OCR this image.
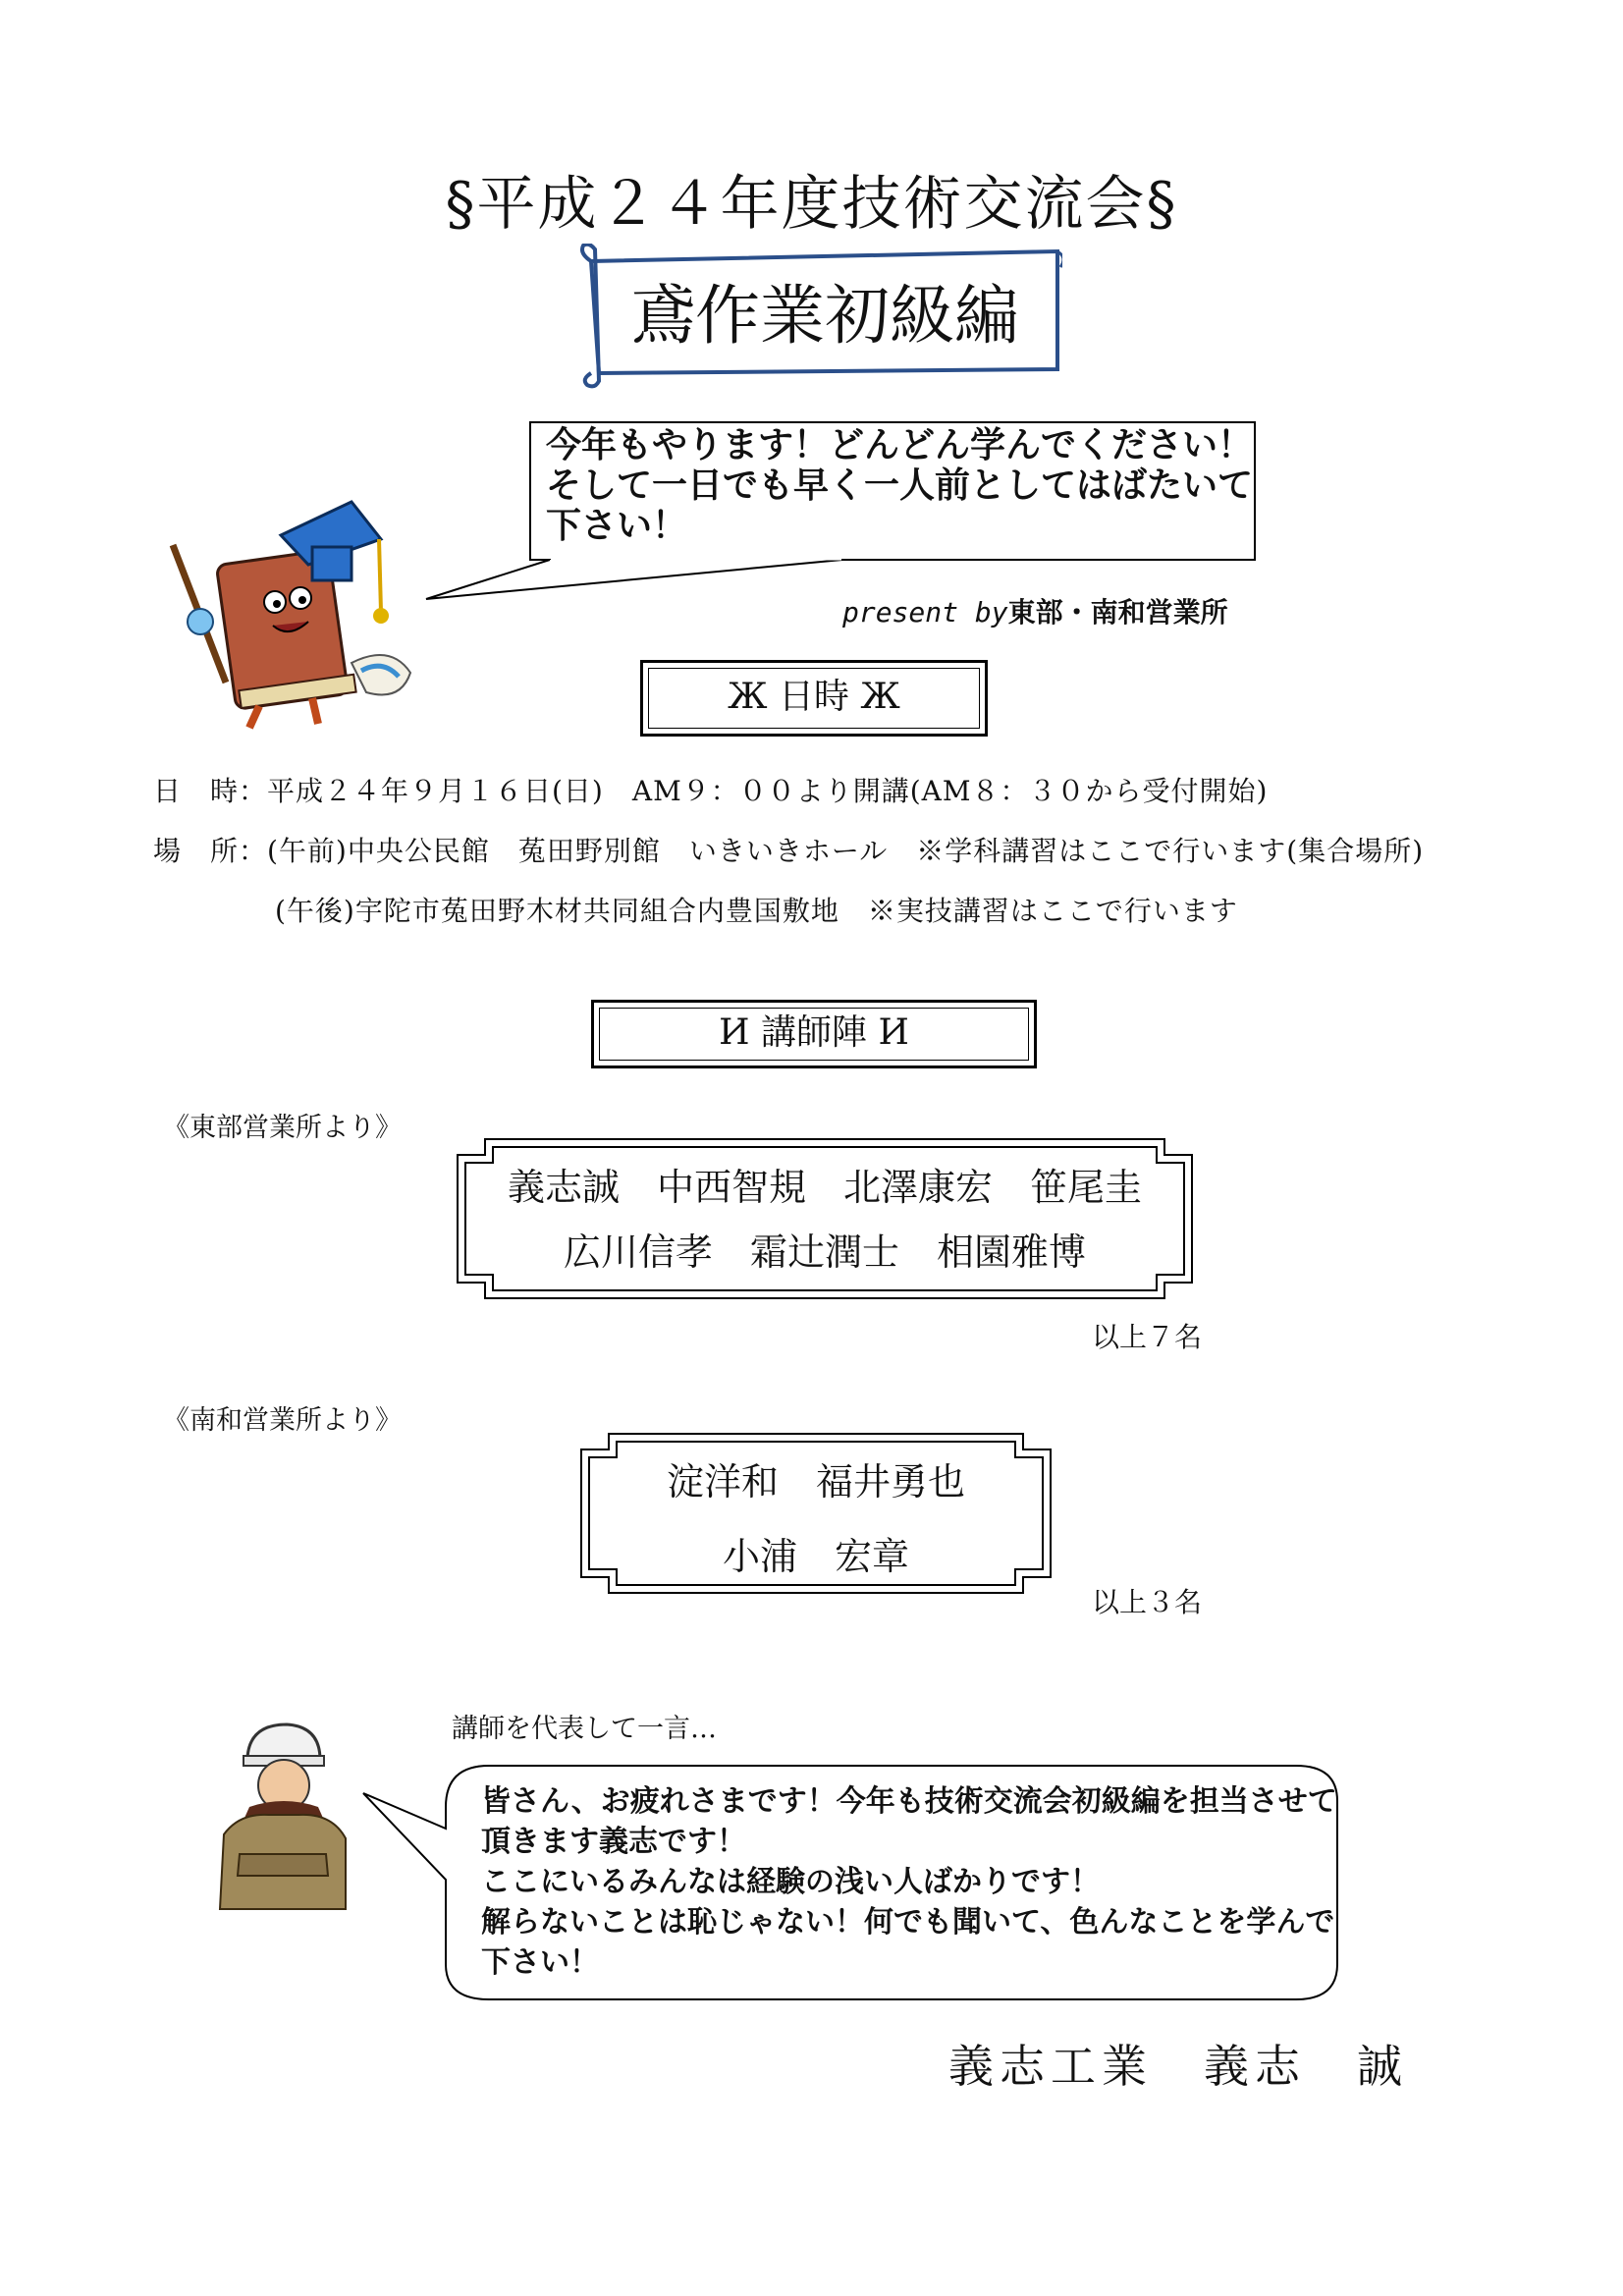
§平成２４年度技術交流会§
鳶作業初級編
今年もやります！どんどん学んでください！
そして一日でも早く一人前としてはばたいて
下さい！
present by東部・南和営業所
Ж 日時 Ж
日　時：平成２４年９月１６日(日)　AM９：００より開講(AM８：３０から受付開始)
場　所：(午前)中央公民館　菟田野別館　いきいきホール　※学科講習はここで行います(集合場所)
(午後)宇陀市菟田野木材共同組合内豊国敷地　※実技講習はここで行います
И 講師陣 И
《東部営業所より》
義志誠　中西智規　北澤康宏　笹尾圭
広川信孝　霜辻潤士　相園雅博
以上７名
《南和営業所より》
淀洋和　福井勇也
小浦　宏章
以上３名
講師を代表して一言…
皆さん、お疲れさまです！今年も技術交流会初級編を担当させて
頂きます義志です！
ここにいるみんなは経験の浅い人ばかりです！
解らないことは恥じゃない！何でも聞いて、色んなことを学んで
下さい！
義志工業　義志　誠
